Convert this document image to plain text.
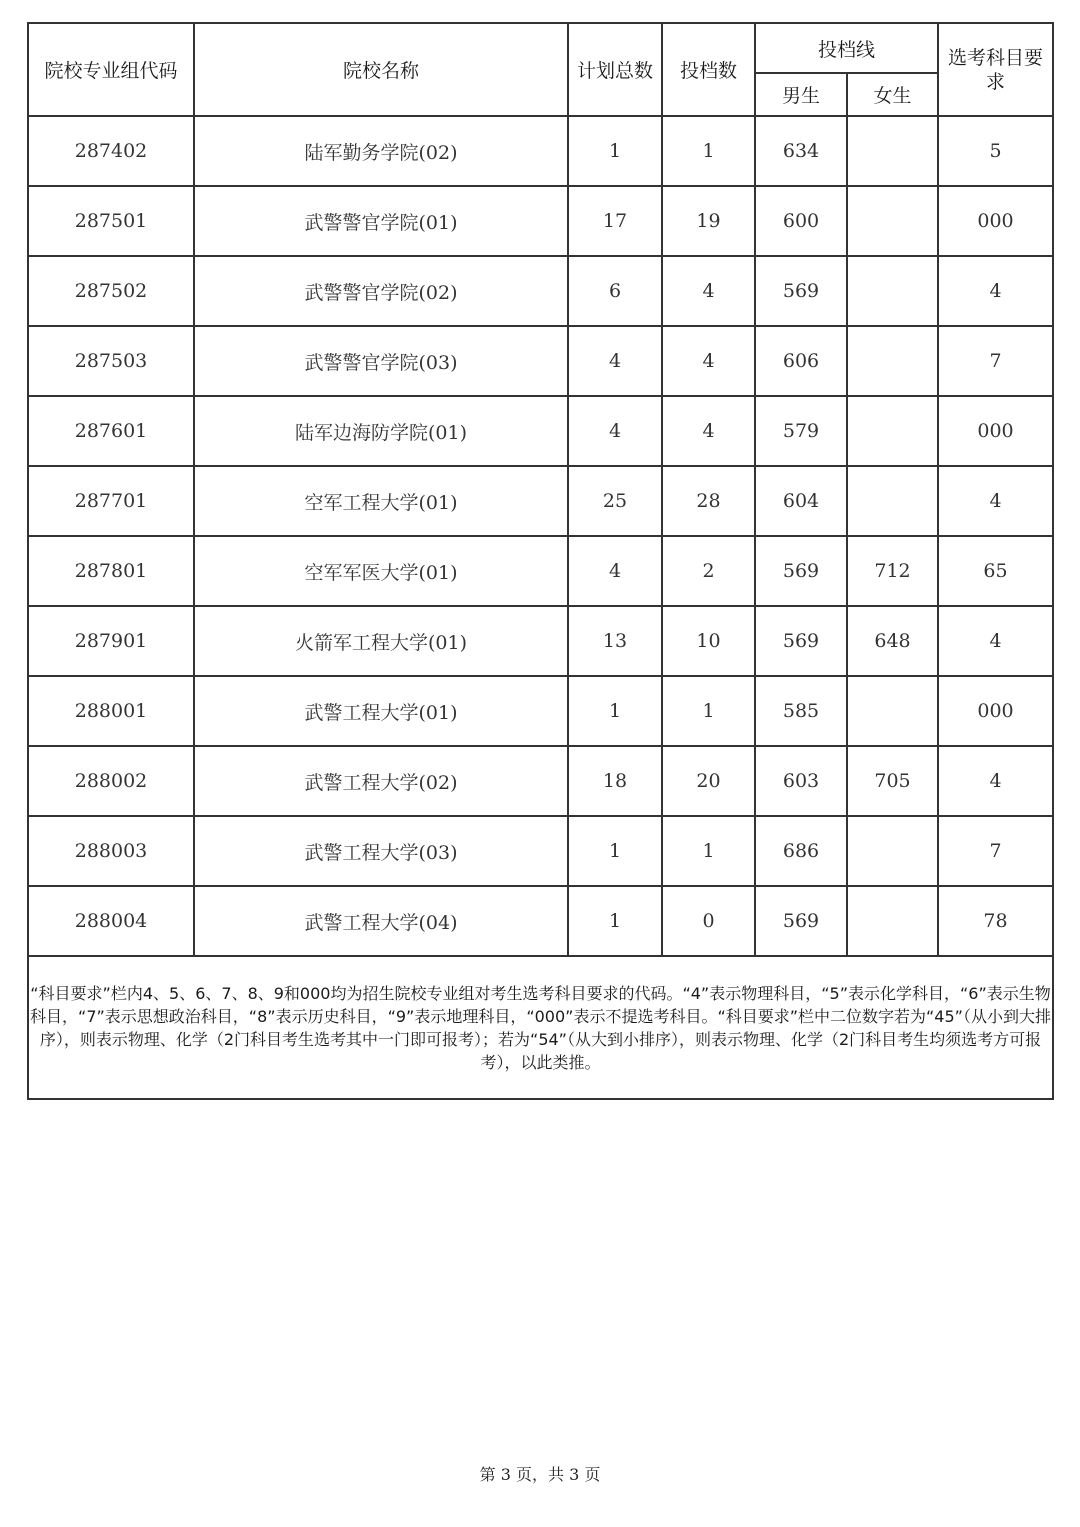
院校专业组代码	院校名称	计划总数	投档数	投档线		选考科目要求
				男生	女生	
287402	陆军勤务学院(02)	1	1	634		5
287501	武警警官学院(01)	17	19	600		000
287502	武警警官学院(02)	6	4	569		4
287503	武警警官学院(03)	4	4	606		7
287601	陆军边海防学院(01)	4	4	579		000
287701	空军工程大学(01)	25	28	604		4
287801	空军军医大学(01)	4	2	569	712	65
287901	火箭军工程大学(01)	13	10	569	648	4
288001	武警工程大学(01)	1	1	585		000
288002	武警工程大学(02)	18	20	603	705	4
288003	武警工程大学(03)	1	1	686		7
288004	武警工程大学(04)	1	0	569		78
“科目要求”栏内4、5、6、7、8、9和000均为招生院校专业组对考生选考科目要求的代码。“4”表示物理科目，“5”表示化学科目，“6”表示生物科目，“7”表示思想政治科目，“8”表示历史科目，“9”表示地理科目，“000”表示不提选考科目。“科目要求”栏中二位数字若为“45”（从小到大排序），则表示物理、化学（2门科目考生选考其中一门即可报考）；若为“54”（从大到小排序），则表示物理、化学（2门科目考生均须选考方可报考），以此类推。						
第 3 页，共 3 页
